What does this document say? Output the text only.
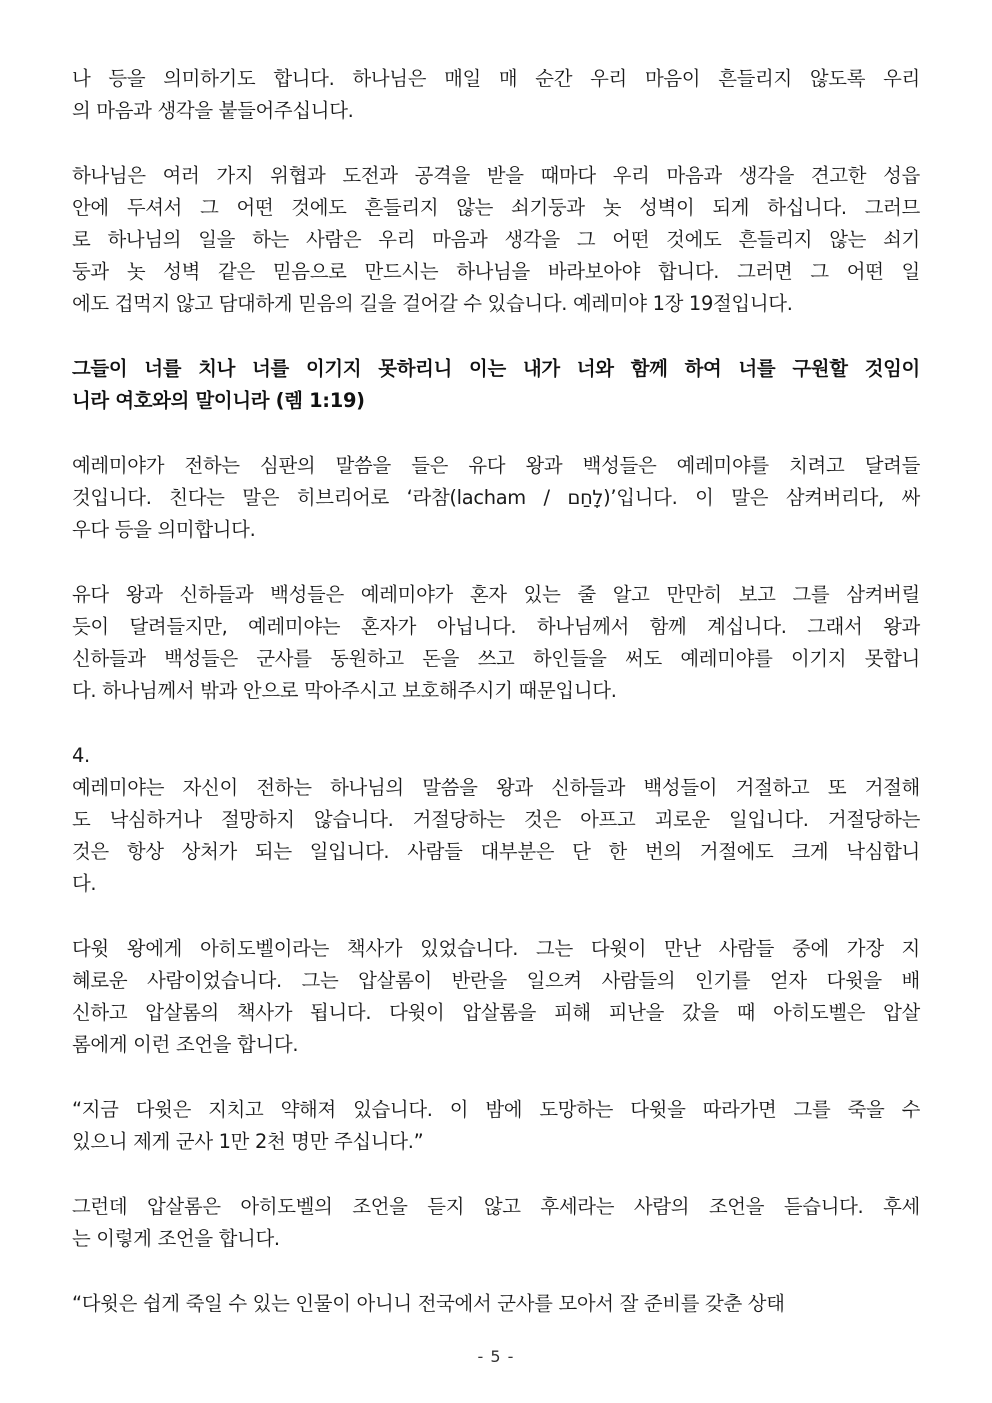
나 등을 의미하기도 합니다. 하나님은 매일 매 순간 우리 마음이 흔들리지 않도록 우리
의 마음과 생각을 붙들어주십니다.
하나님은 여러 가지 위협과 도전과 공격을 받을 때마다 우리 마음과 생각을 견고한 성읍
안에 두셔서 그 어떤 것에도 흔들리지 않는 쇠기둥과 놋 성벽이 되게 하십니다. 그러므
로 하나님의 일을 하는 사람은 우리 마음과 생각을 그 어떤 것에도 흔들리지 않는 쇠기
둥과 놋 성벽 같은 믿음으로 만드시는 하나님을 바라보아야 합니다. 그러면 그 어떤 일
에도 겁먹지 않고 담대하게 믿음의 길을 걸어갈 수 있습니다. 예레미야 1장 19절입니다.
그들이 너를 치나 너를 이기지 못하리니 이는 내가 너와 함께 하여 너를 구원할 것임이
니라 여호와의 말이니라 (렘 1:19)
예레미야가 전하는 심판의 말씀을 들은 유다 왕과 백성들은 예레미야를 치려고 달려들
것입니다. 친다는 말은 히브리어로 ‘라참(lacham / לָחַם)’입니다. 이 말은 삼켜버리다, 싸
우다 등을 의미합니다.
유다 왕과 신하들과 백성들은 예레미야가 혼자 있는 줄 알고 만만히 보고 그를 삼켜버릴
듯이 달려들지만, 예레미야는 혼자가 아닙니다. 하나님께서 함께 계십니다. 그래서 왕과
신하들과 백성들은 군사를 동원하고 돈을 쓰고 하인들을 써도 예레미야를 이기지 못합니
다. 하나님께서 밖과 안으로 막아주시고 보호해주시기 때문입니다.
4.
예레미야는 자신이 전하는 하나님의 말씀을 왕과 신하들과 백성들이 거절하고 또 거절해
도 낙심하거나 절망하지 않습니다. 거절당하는 것은 아프고 괴로운 일입니다. 거절당하는
것은 항상 상처가 되는 일입니다. 사람들 대부분은 단 한 번의 거절에도 크게 낙심합니
다.
다윗 왕에게 아히도벨이라는 책사가 있었습니다. 그는 다윗이 만난 사람들 중에 가장 지
혜로운 사람이었습니다. 그는 압살롬이 반란을 일으켜 사람들의 인기를 얻자 다윗을 배
신하고 압살롬의 책사가 됩니다. 다윗이 압살롬을 피해 피난을 갔을 때 아히도벨은 압살
롬에게 이런 조언을 합니다.
“지금 다윗은 지치고 약해져 있습니다. 이 밤에 도망하는 다윗을 따라가면 그를 죽을 수
있으니 제게 군사 1만 2천 명만 주십니다.”
그런데 압살롬은 아히도벨의 조언을 듣지 않고 후세라는 사람의 조언을 듣습니다. 후세
는 이렇게 조언을 합니다.
“다윗은 쉽게 죽일 수 있는 인물이 아니니 전국에서 군사를 모아서 잘 준비를 갖춘 상태
- 5 -
